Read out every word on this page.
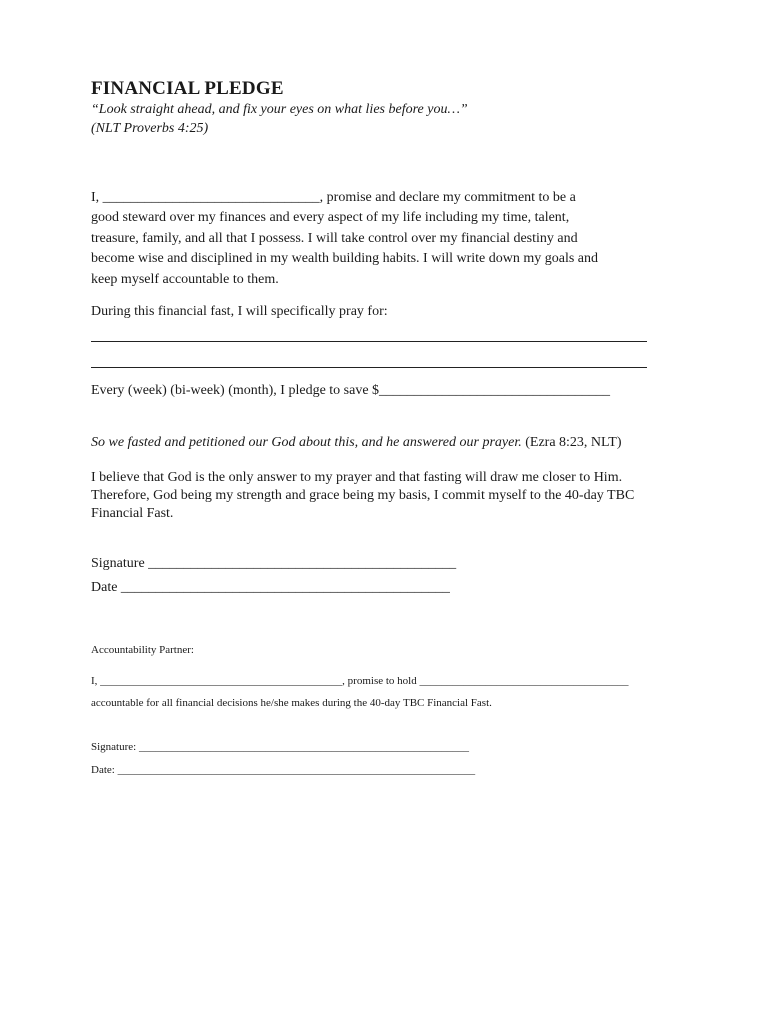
FINANCIAL PLEDGE
“Look straight ahead, and fix your eyes on what lies before you…”
(NLT Proverbs 4:25)
I, _______________________________, promise and declare my commitment to be a
good steward over my finances and every aspect of my life including my time, talent,
treasure, family, and all that I possess. I will take control over my financial destiny and
become wise and disciplined in my wealth building habits. I will write down my goals and
keep myself accountable to them.
During this financial fast, I will specifically pray for:
Every (week) (bi-week) (month), I pledge to save $_________________________________
So we fasted and petitioned our God about this, and he answered our prayer. (Ezra 8:23, NLT)
I believe that God is the only answer to my prayer and that fasting will draw me closer to Him.
Therefore, God being my strength and grace being my basis, I commit myself to the 40-day TBC
Financial Fast.
Signature ____________________________________________
Date _______________________________________________
Accountability Partner:
I, ____________________________________________, promise to hold ______________________________________
accountable for all financial decisions he/she makes during the 40-day TBC Financial Fast.
Signature: ____________________________________________________________
Date: _________________________________________________________________
